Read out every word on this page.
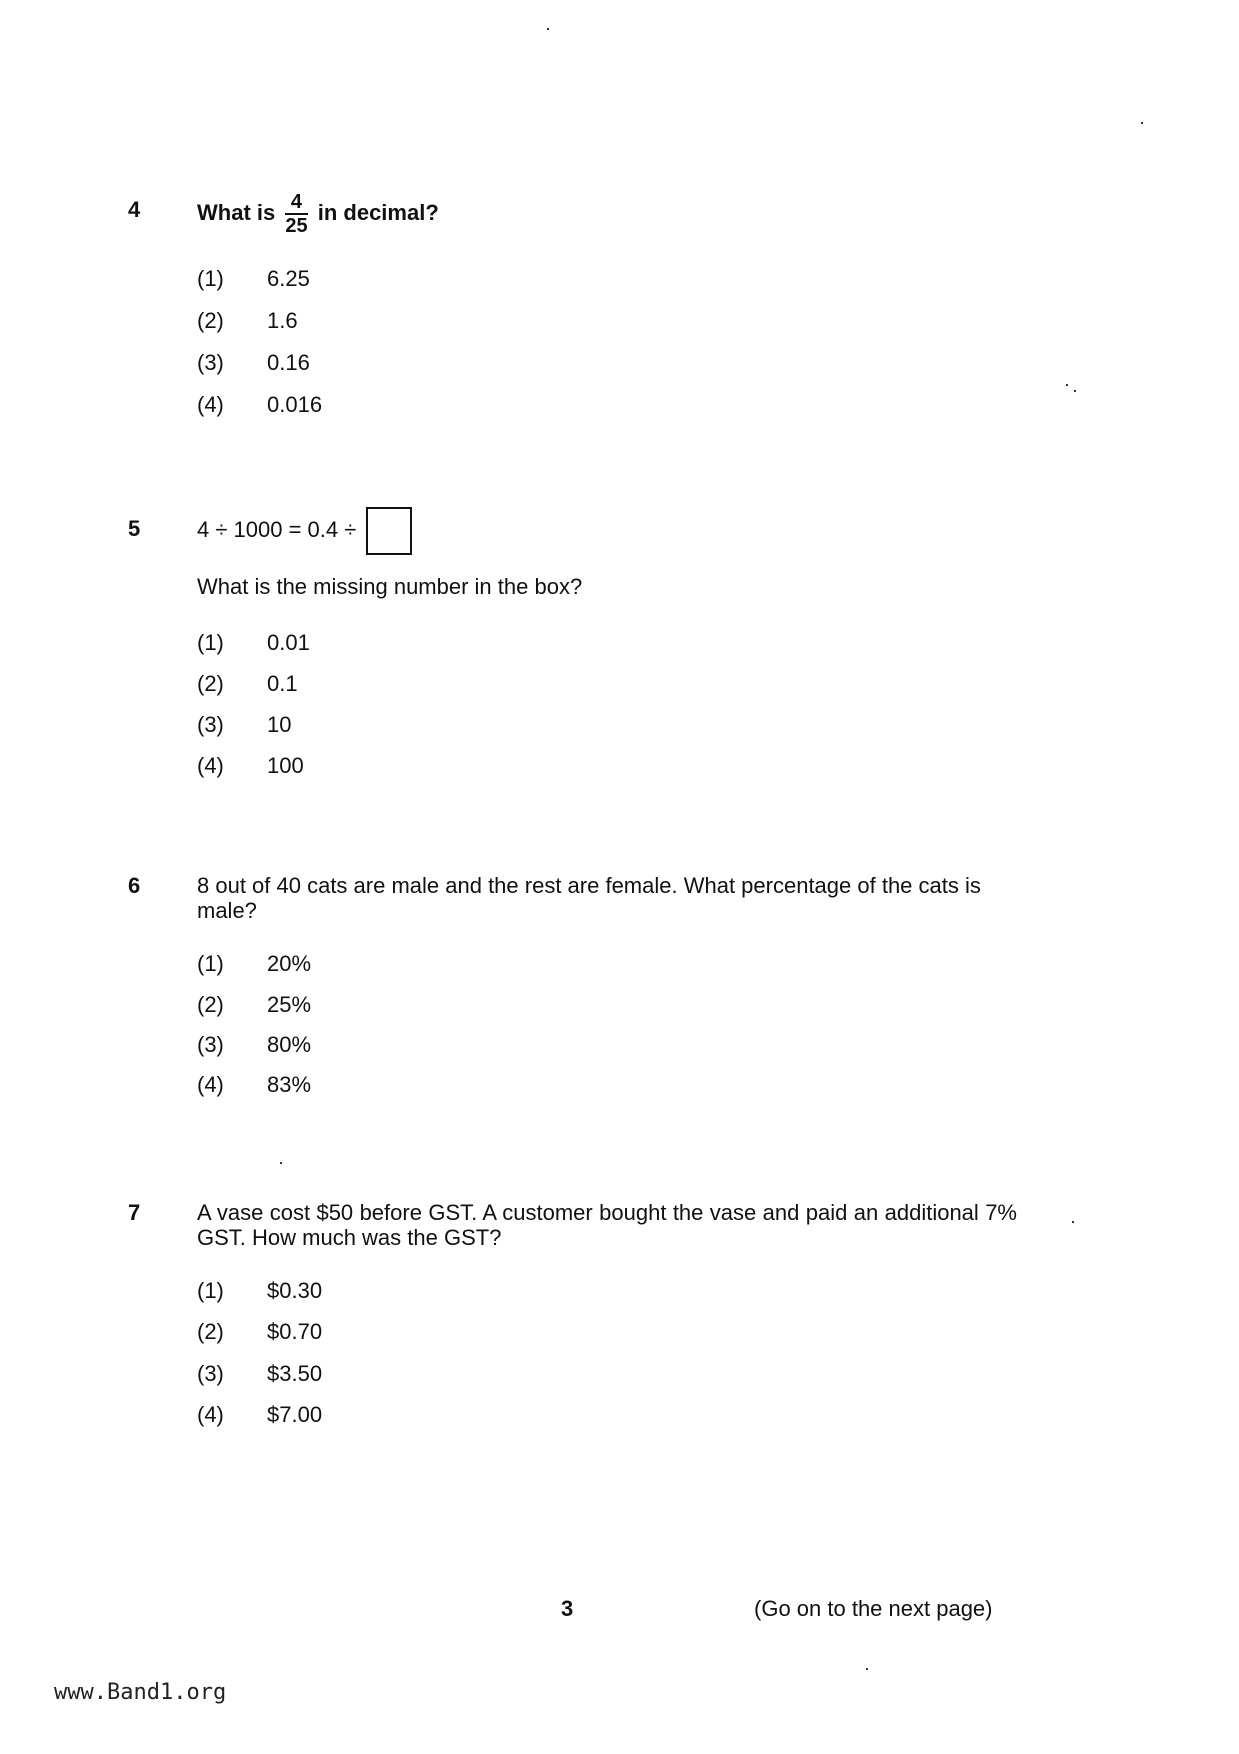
4	What is $\frac{4}{25}$ in decimal?
(1) 6.25
(2) 1.6
(3) 0.16
(4) 0.016
5	4 ÷ 1000 = 0.4 ÷
What is the missing number in the box?
(1) 0.01
(2) 0.1
(3) 10
(4) 100
6	8 out of 40 cats are male and the rest are female. What percentage of the cats is male?
(1) 20%
(2) 25%
(3) 80%
(4) 83%
7	A vase cost $50 before GST. A customer bought the vase and paid an additional 7% GST. How much was the GST?
(1) $0.30
(2) $0.70
(3) $3.50
(4) $7.00
3	(Go on to the next page)
www.Band1.org
